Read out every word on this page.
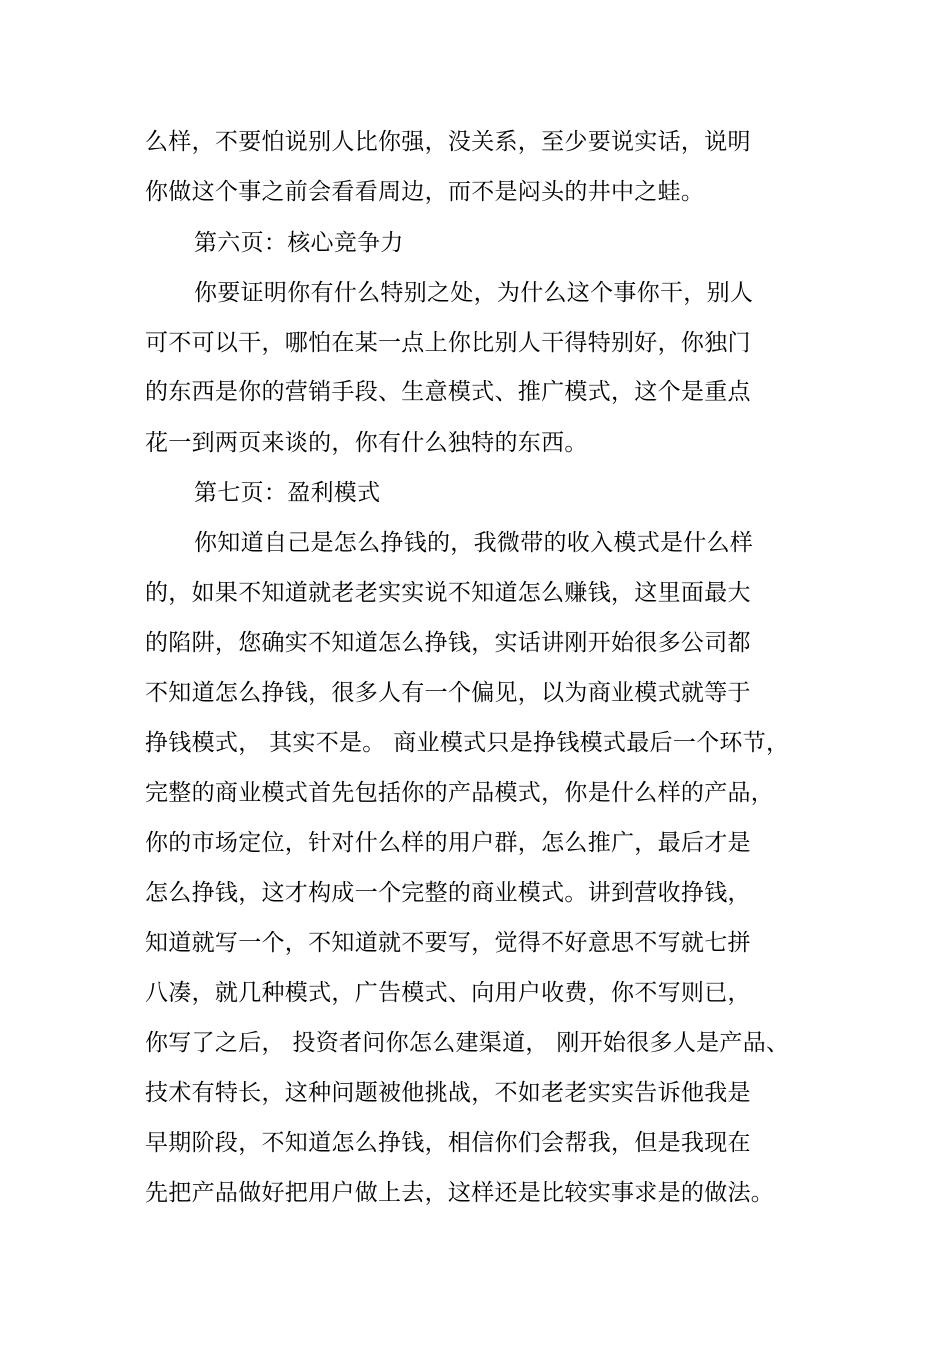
么样，不要怕说别人比你强，没关系，至少要说实话，说明
你做这个事之前会看看周边，而不是闷头的井中之蛙。
第六页：核心竞争力
你要证明你有什么特别之处，为什么这个事你干，别人
可不可以干，哪怕在某一点上你比别人干得特别好，你独门
的东西是你的营销手段、生意模式、推广模式，这个是重点
花一到两页来谈的，你有什么独特的东西。
第七页：盈利模式
你知道自己是怎么挣钱的，我微带的收入模式是什么样
的，如果不知道就老老实实说不知道怎么赚钱，这里面最大
的陷阱，您确实不知道怎么挣钱，实话讲刚开始很多公司都
不知道怎么挣钱，很多人有一个偏见，以为商业模式就等于
挣钱模式， 其实不是。 商业模式只是挣钱模式最后一个环节，
完整的商业模式首先包括你的产品模式，你是什么样的产品，
你的市场定位，针对什么样的用户群，怎么推广，最后才是
怎么挣钱，这才构成一个完整的商业模式。讲到营收挣钱，
知道就写一个，不知道就不要写，觉得不好意思不写就七拼
八凑，就几种模式，广告模式、向用户收费，你不写则已，
你写了之后， 投资者问你怎么建渠道， 刚开始很多人是产品、
技术有特长，这种问题被他挑战，不如老老实实告诉他我是
早期阶段，不知道怎么挣钱，相信你们会帮我，但是我现在
先把产品做好把用户做上去，这样还是比较实事求是的做法。
